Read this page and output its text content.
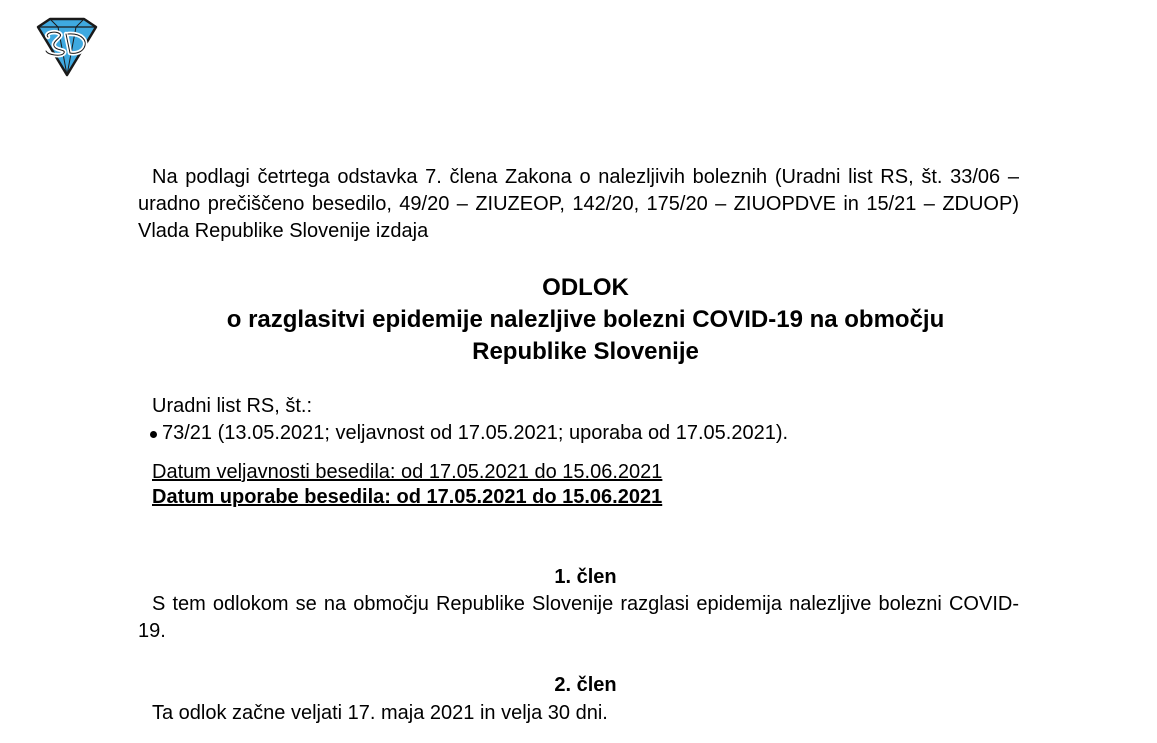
Na podlagi četrtega odstavka 7. člena Zakona o nalezljivih boleznih (Uradni list RS, št. 33/06 – uradno prečiščeno besedilo, 49/20 – ZIUZEOP, 142/20, 175/20 – ZIUOPDVE in 15/21 – ZDUOP) Vlada Republike Slovenije izdaja
ODLOK
o razglasitvi epidemije nalezljive bolezni COVID-19 na območju
Republike Slovenije
Uradni list RS, št.:
73/21 (13.05.2021; veljavnost od 17.05.2021; uporaba od 17.05.2021).
Datum veljavnosti besedila: od 17.05.2021 do 15.06.2021
Datum uporabe besedila: od 17.05.2021 do 15.06.2021
1. člen
S tem odlokom se na območju Republike Slovenije razglasi epidemija nalezljive bolezni COVID-19.
2. člen
Ta odlok začne veljati 17. maja 2021 in velja 30 dni.
